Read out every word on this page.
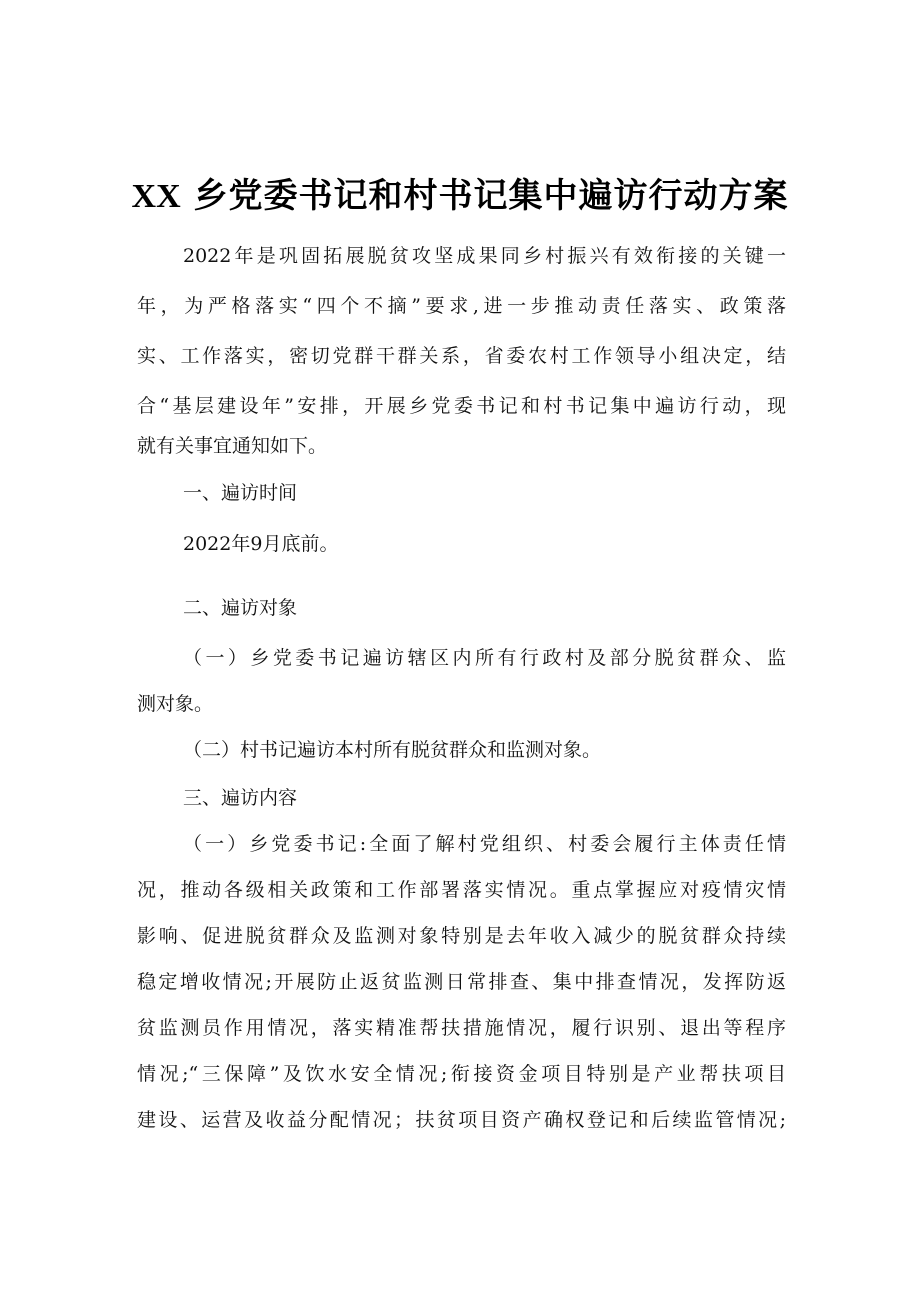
XX 乡党委书记和村书记集中遍访行动方案
2022年是巩固拓展脱贫攻坚成果同乡村振兴有效衔接的关键一
年，为严格落实“四个不摘”要求,进一步推动责任落实、政策落
实、工作落实，密切党群干群关系，省委农村工作领导小组决定，结
合“基层建设年”安排，开展乡党委书记和村书记集中遍访行动，现
就有关事宜通知如下。
一、遍访时间
2022年9月底前。
二、遍访对象
（一）乡党委书记遍访辖区内所有行政村及部分脱贫群众、监
测对象。
（二）村书记遍访本村所有脱贫群众和监测对象。
三、遍访内容
（一）乡党委书记:全面了解村党组织、村委会履行主体责任情
况，推动各级相关政策和工作部署落实情况。重点掌握应对疫情灾情
影响、促进脱贫群众及监测对象特别是去年收入减少的脱贫群众持续
稳定增收情况;开展防止返贫监测日常排查、集中排查情况，发挥防返
贫监测员作用情况，落实精准帮扶措施情况，履行识别、退出等程序
情况;“三保障”及饮水安全情况;衔接资金项目特别是产业帮扶项目
建设、运营及收益分配情况；扶贫项目资产确权登记和后续监管情况;
